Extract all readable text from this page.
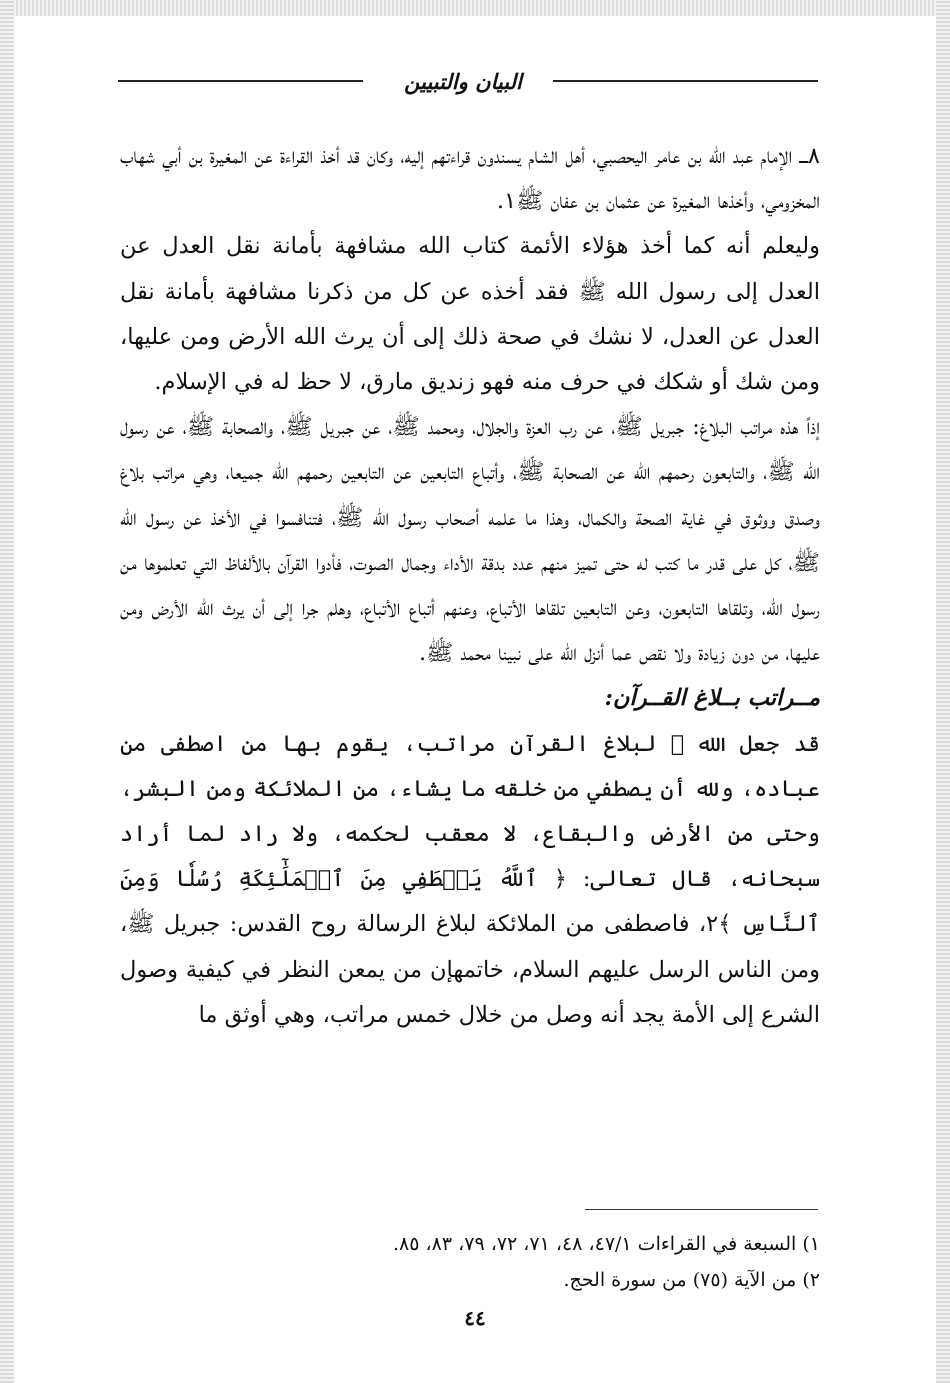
البيان والتبيين

٨ـــ الإمام عبد الله بن عامر اليحصبي، أهل الشام يسندون قراءتهم إليه، وكان قد أخذ القراءة عن المغيرة بن أبي شهاب المخزومي، وأخذها المغيرة عن عثمان بن عفان ﷺ١.

وليعلم أنه كما أخذ هؤلاء الأئمة كتاب الله مشافهة بأمانة نقل العدل عن العدل إلى رسول الله ﷺ فقد أخذه عن كل من ذكرنا مشافهة بأمانة نقل العدل عن العدل، لا نشك في صحة ذلك إلى أن يرث الله الأرض ومن عليها، ومن شك أو شكك في حرف منه فهو زنديق مارق، لا حظ له في الإسلام.

إذاً هذه مراتب البلاغ: جبريل ﷺ، عن رب العزة والجلال، ومحمد ﷺ، عن جبريل ﷺ، والصحابة ﷺ، عن رسول الله ﷺ، والتابعون رحمهم الله عن الصحابة ﷺ، وأتباع التابعين عن التابعين رحمهم الله جميعا، وهي مراتب بلاغ وصدق ووثوق في غاية الصحة والكمال، وهذا ما علمه أصحاب رسول الله ﷺ، فتنافسوا في الأخذ عن رسول الله ﷺ، كل على قدر ما كتب له حتى تميز منهم عدد بدقة الأداء وجمال الصوت، فأدوا القرآن بالألفاظ التي تعلموها من رسول الله، وتلقاها التابعون، وعن التابعين تلقاها الأتباع، وعنهم أتباع الأتباع، وهلم جرا إلى أن يرث الله الأرض ومن عليها، من دون زيادة ولا نقص عما أنزل الله على نبينا محمد ﷺ.

مــراتب بــلاغ القــرآن:

قد جعل الله ﷻ لبلاغ القرآن مراتب، يقوم بها من اصطفى من عباده، ولله أن يصطفي من خلقه ما يشاء، من الملائكة ومن البشر، وحتى من الأرض والبقاع، لا معقب لحكمه، ولا راد لما أراد سبحانه، قال تعالى: ﴿ ٱللَّهُ يَصۡطَفِي مِنَ ٱلۡمَلَٰٓئِكَةِ رُسُلٗا وَمِنَ ٱلنَّاسِ ﴾٢، فاصطفى من الملائكة لبلاغ الرسالة روح القدس: جبريل ﷺ، ومن الناس الرسل عليهم السلام، خاتمهإن من يمعن النظر في كيفية وصول الشرع إلى الأمة يجد أنه وصل من خلال خمس مراتب، وهي أوثق ما

١) السبعة في القراءات ٤٧/١، ٤٨، ٧١، ٧٢، ٧٩، ٨٣، ٨٥.

٢) من الآية (٧٥) من سورة الحج.

٤٤
